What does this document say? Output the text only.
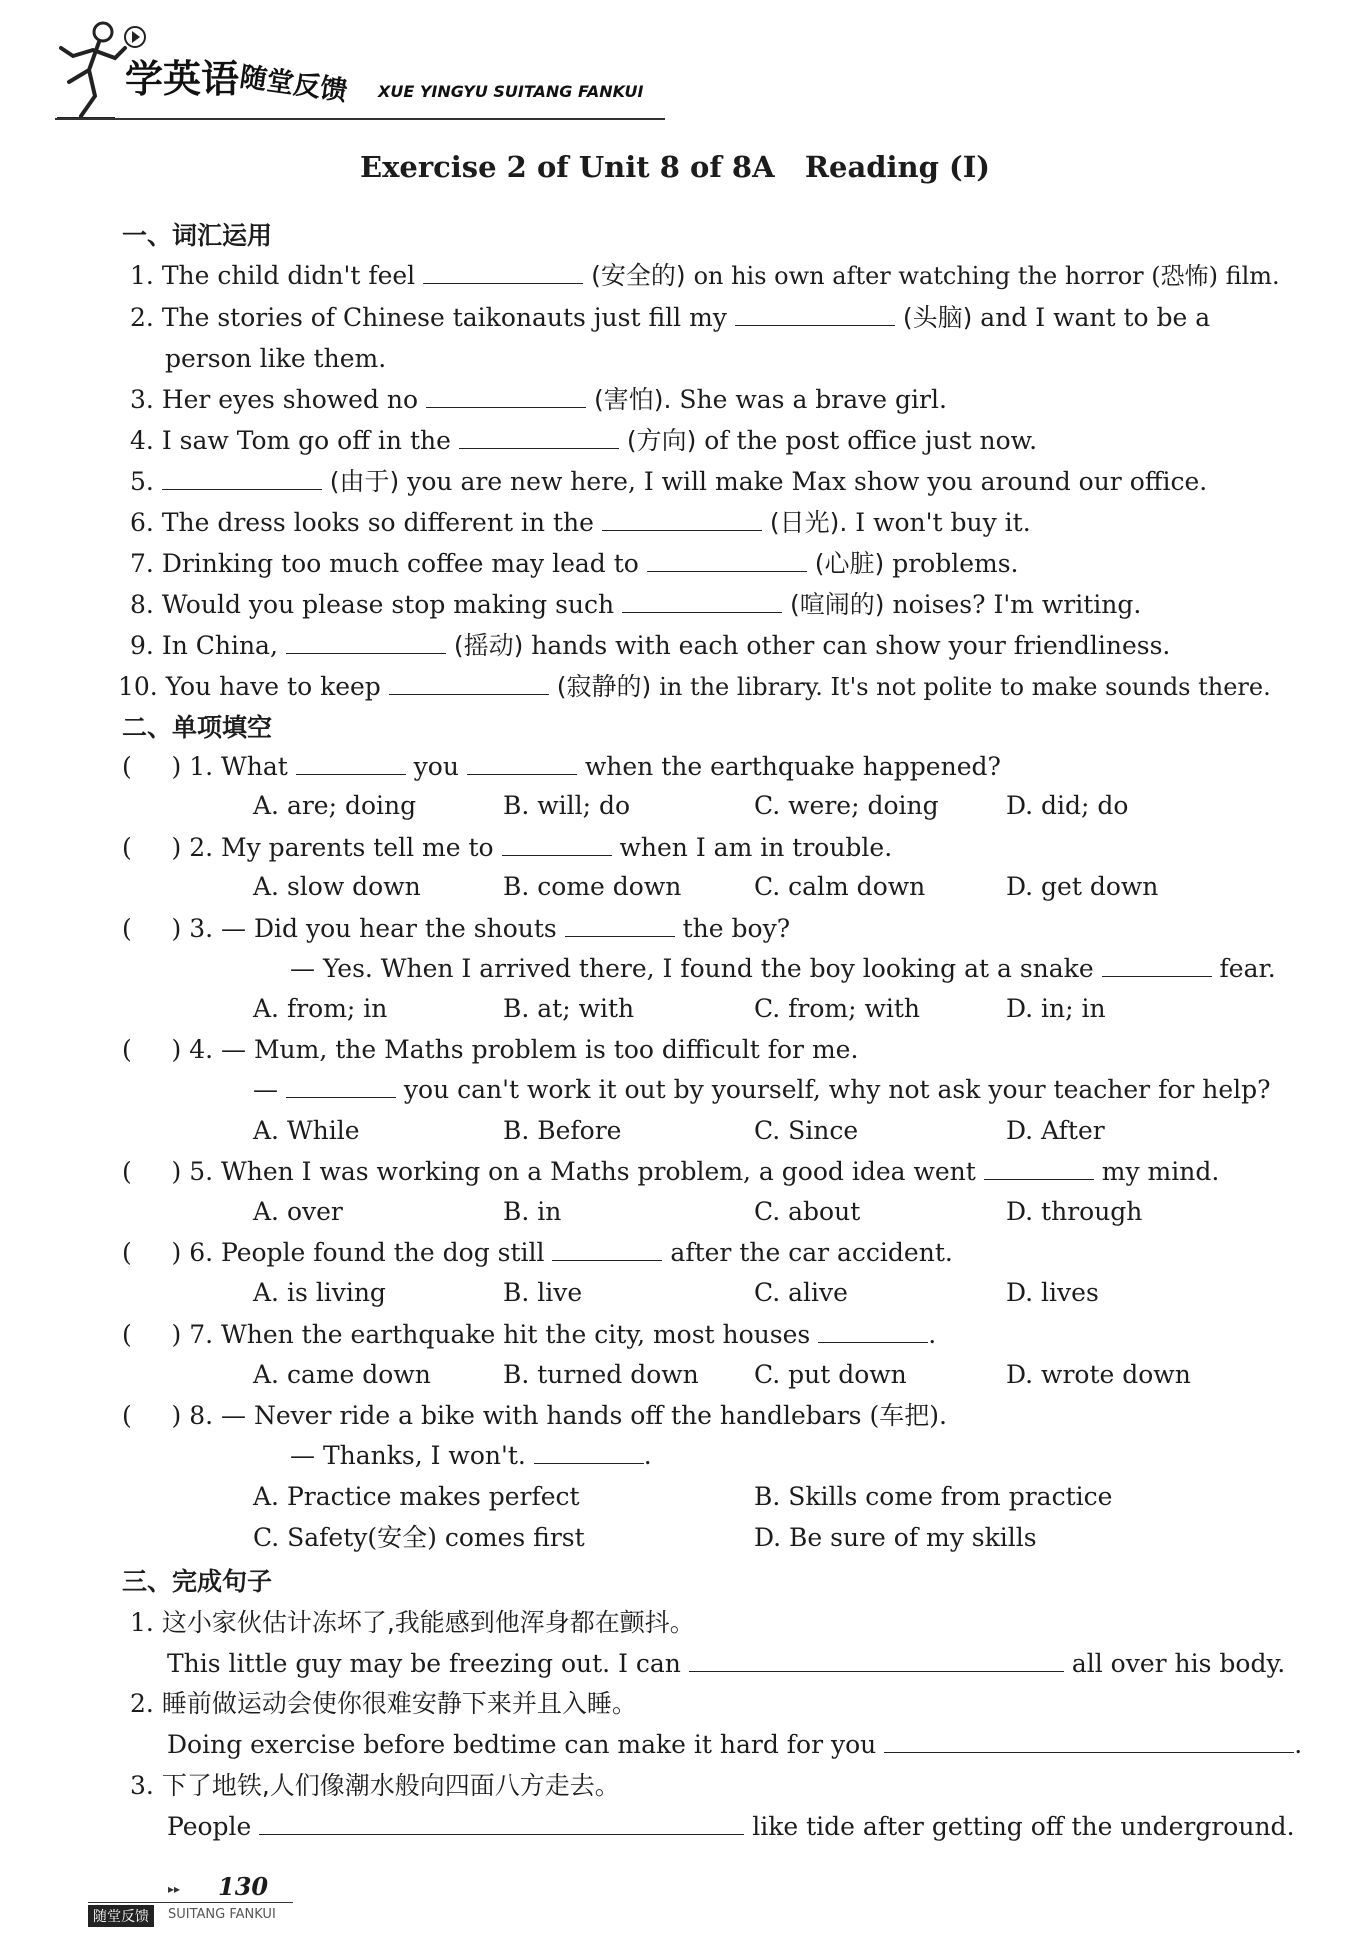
学英语
随堂反馈 XUE YINGYU SUITANG FANKUI
Exercise 2 of Unit 8 of 8A   Reading (Ⅰ)
一、词汇运用
1. The child didn't feel	(安全的) on his own after watching the horror (恐怖) film.
2. The stories of Chinese taikonauts just fill my	(头脑) and I want to be a
person like them.
3. Her eyes showed no	(害怕). She was a brave girl.
4. I saw Tom go off in the	(方向) of the post office just now.
5.	(由于) you are new here, I will make Max show you around our office.
6. The dress looks so different in the	(日光). I won't buy it.
7. Drinking too much coffee may lead to	(心脏) problems.
8. Would you please stop making such	(喧闹的) noises? I'm writing.
9. In China,	(摇动) hands with each other can show your friendliness.
10. You have to keep	(寂静的) in the library. It's not polite to make sounds there.
二、单项填空
(     ) 1. What	you	when the earthquake happened?
A. are; doing	B. will; do	C. were; doing	D. did; do
(     ) 2. My parents tell me to	when I am in trouble.
A. slow down	B. come down	C. calm down	D. get down
(     ) 3. — Did you hear the shouts	the boy?
— Yes. When I arrived there, I found the boy looking at a snake	fear.
A. from; in	B. at; with	C. from; with	D. in; in
(     ) 4. — Mum, the Maths problem is too difficult for me.
—	you can't work it out by yourself, why not ask your teacher for help?
A. While	B. Before	C. Since	D. After
(     ) 5. When I was working on a Maths problem, a good idea went	my mind.
A. over	B. in	C. about	D. through
(     ) 6. People found the dog still	after the car accident.
A. is living	B. live	C. alive	D. lives
(     ) 7. When the earthquake hit the city, most houses	.
A. came down	B. turned down C. put down	D. wrote down
(     ) 8. — Never ride a bike with hands off the handlebars (车把).
— Thanks, I won't.	.
A. Practice makes perfect	B. Skills come from practice
C. Safety(安全) comes first	D. Be sure of my skills
三、完成句子
1. 这小家伙估计冻坏了,我能感到他浑身都在颤抖。
This little guy may be freezing out. I can	all over his body.
2. 睡前做运动会使你很难安静下来并且入睡。
Doing exercise before bedtime can make it hard for you	.
3. 下了地铁,人们像潮水般向四面八方走去。
People	like tide after getting off the underground.
▸▸ 130
随堂反馈	SUITANG FANKUI
